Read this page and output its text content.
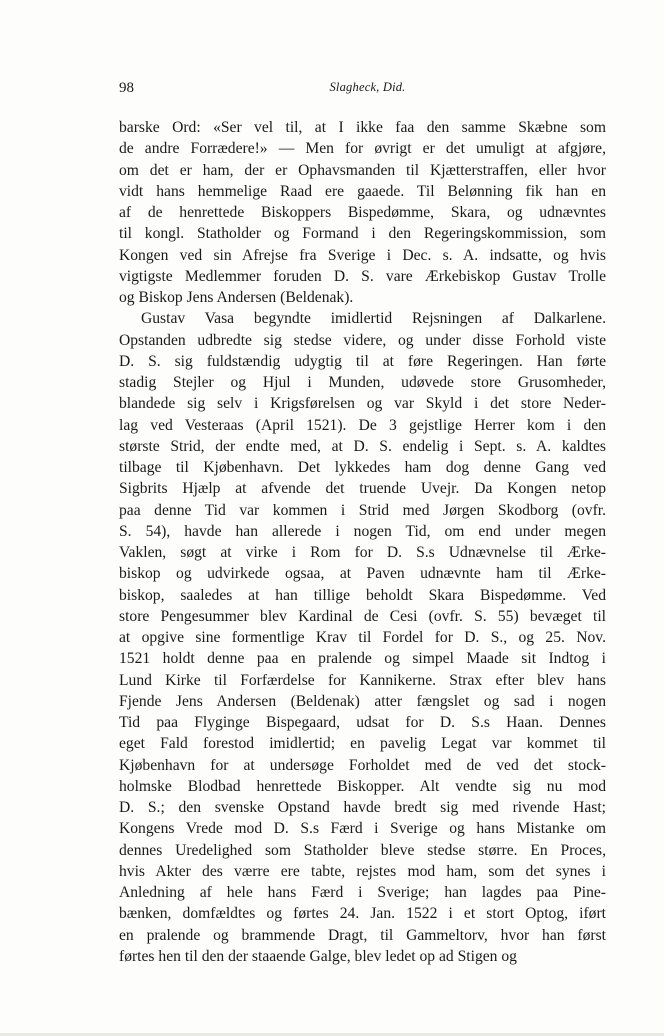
98	Slagheck, Did.
barske Ord: «Ser vel til, at I ikke faa den samme Skæbne som
de andre Forrædere!» — Men for øvrigt er det umuligt at afgjøre,
om det er ham, der er Ophavsmanden til Kjætterstraffen, eller hvor
vidt hans hemmelige Raad ere gaaede. Til Belønning fik han en
af de henrettede Biskoppers Bispedømme, Skara, og udnævntes
til kongl. Statholder og Formand i den Regeringskommission, som
Kongen ved sin Afrejse fra Sverige i Dec. s. A. indsatte, og hvis
vigtigste Medlemmer foruden D. S. vare Ærkebiskop Gustav Trolle
og Biskop Jens Andersen (Beldenak).
Gustav Vasa begyndte imidlertid Rejsningen af Dalkarlene.
Opstanden udbredte sig stedse videre, og under disse Forhold viste
D. S. sig fuldstændig udygtig til at føre Regeringen. Han førte
stadig Stejler og Hjul i Munden, udøvede store Grusomheder,
blandede sig selv i Krigsførelsen og var Skyld i det store Neder-
lag ved Vesteraas (April 1521). De 3 gejstlige Herrer kom i den
største Strid, der endte med, at D. S. endelig i Sept. s. A. kaldtes
tilbage til Kjøbenhavn. Det lykkedes ham dog denne Gang ved
Sigbrits Hjælp at afvende det truende Uvejr. Da Kongen netop
paa denne Tid var kommen i Strid med Jørgen Skodborg (ovfr.
S. 54), havde han allerede i nogen Tid, om end under megen
Vaklen, søgt at virke i Rom for D. S.s Udnævnelse til Ærke-
biskop og udvirkede ogsaa, at Paven udnævnte ham til Ærke-
biskop, saaledes at han tillige beholdt Skara Bispedømme. Ved
store Pengesummer blev Kardinal de Cesi (ovfr. S. 55) bevæget til
at opgive sine formentlige Krav til Fordel for D. S., og 25. Nov.
1521 holdt denne paa en pralende og simpel Maade sit Indtog i
Lund Kirke til Forfærdelse for Kannikerne. Strax efter blev hans
Fjende Jens Andersen (Beldenak) atter fængslet og sad i nogen
Tid paa Flyginge Bispegaard, udsat for D. S.s Haan. Dennes
eget Fald forestod imidlertid; en pavelig Legat var kommet til
Kjøbenhavn for at undersøge Forholdet med de ved det stock-
holmske Blodbad henrettede Biskopper. Alt vendte sig nu mod
D. S.; den svenske Opstand havde bredt sig med rivende Hast;
Kongens Vrede mod D. S.s Færd i Sverige og hans Mistanke om
dennes Uredelighed som Statholder bleve stedse større. En Proces,
hvis Akter des værre ere tabte, rejstes mod ham, som det synes i
Anledning af hele hans Færd i Sverige; han lagdes paa Pine-
bænken, domfældtes og førtes 24. Jan. 1522 i et stort Optog, iført
en pralende og brammende Dragt, til Gammeltorv, hvor han først
førtes hen til den der staaende Galge, blev ledet op ad Stigen og
